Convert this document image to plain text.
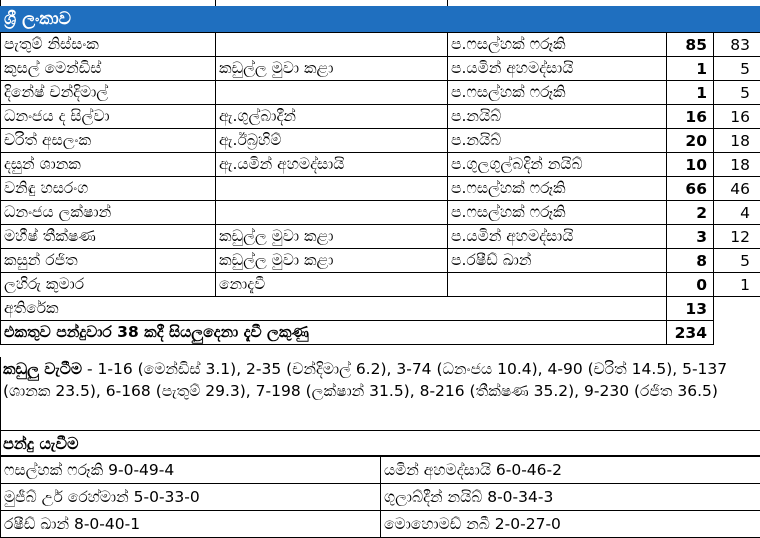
ශ්‍රී ලංකාව
පැතුම් නිස්සංක		ප.ෆසල්හක් ෆරූකි	85	83
කුසල් මෙන්ඩිස්	කඩුල්ල මුවා කළා	ප.යමින් අහමද්සායි	1	5
දිනේෂ් චන්දිමාල්		ප.ෆසල්හක් ෆරූකි	1	5
ධනංජය ද සිල්වා	ඇ.ගුල්බාදීන්	ප.නයිබ්	16	16
චරිත් අසලංක	ඇ.ඊබ්‍රහිම්	ප.නයිබ්	20	18
දසුන් ශානක	ඇ.යමින් අහමද්සායි	ප.ගුලගුල්බදින් නයිබ්	10	18
වනිඳු හසරංග		ප.ෆසල්හක් ෆරූකි	66	46
ධනංජය ලක්ෂාන්		ප.ෆසල්හක් ෆරූකි	2	4
මහීෂ් තීක්ෂණ	කඩුල්ල මුවා කළා	ප.යමින් අහමද්සායි	3	12
කසුන් රජිත	කඩුල්ල මුවා කළා	ප.රෂීඩ් ඛාන්	8	5
ලහිරු කුමාර	නොදැවී		0	1
අතිරේක			13	
එකතුව පන්දුවාර 38 කදී සියලුදෙනා දැවී ලකුණු			234	
කඩුලු වැටීම - 1-16 (මෙන්ඩිස් 3.1), 2-35 (චන්දිමාල් 6.2), 3-74 (ධනංජය 10.4), 4-90 (චරිත් 14.5), 5-137 (ශානක 23.5), 6-168 (පැතුම් 29.3), 7-198 (ලක්ෂාන් 31.5), 8-216 (තීක්ෂණ 35.2), 9-230 (රජිත 36.5)
පන්දු යැවීම
ෆසල්හක් ෆරූකි 9-0-49-4	යමින් අහමද්සායි 6-0-46-2
මුජීබ් උර් රෙහ්මාන් 5-0-33-0	ගුලාබ්දීන් නයිබ් 8-0-34-3
රෂීඩ් ඛාන් 8-0-40-1	මොහොමඩ් නබී 2-0-27-0
